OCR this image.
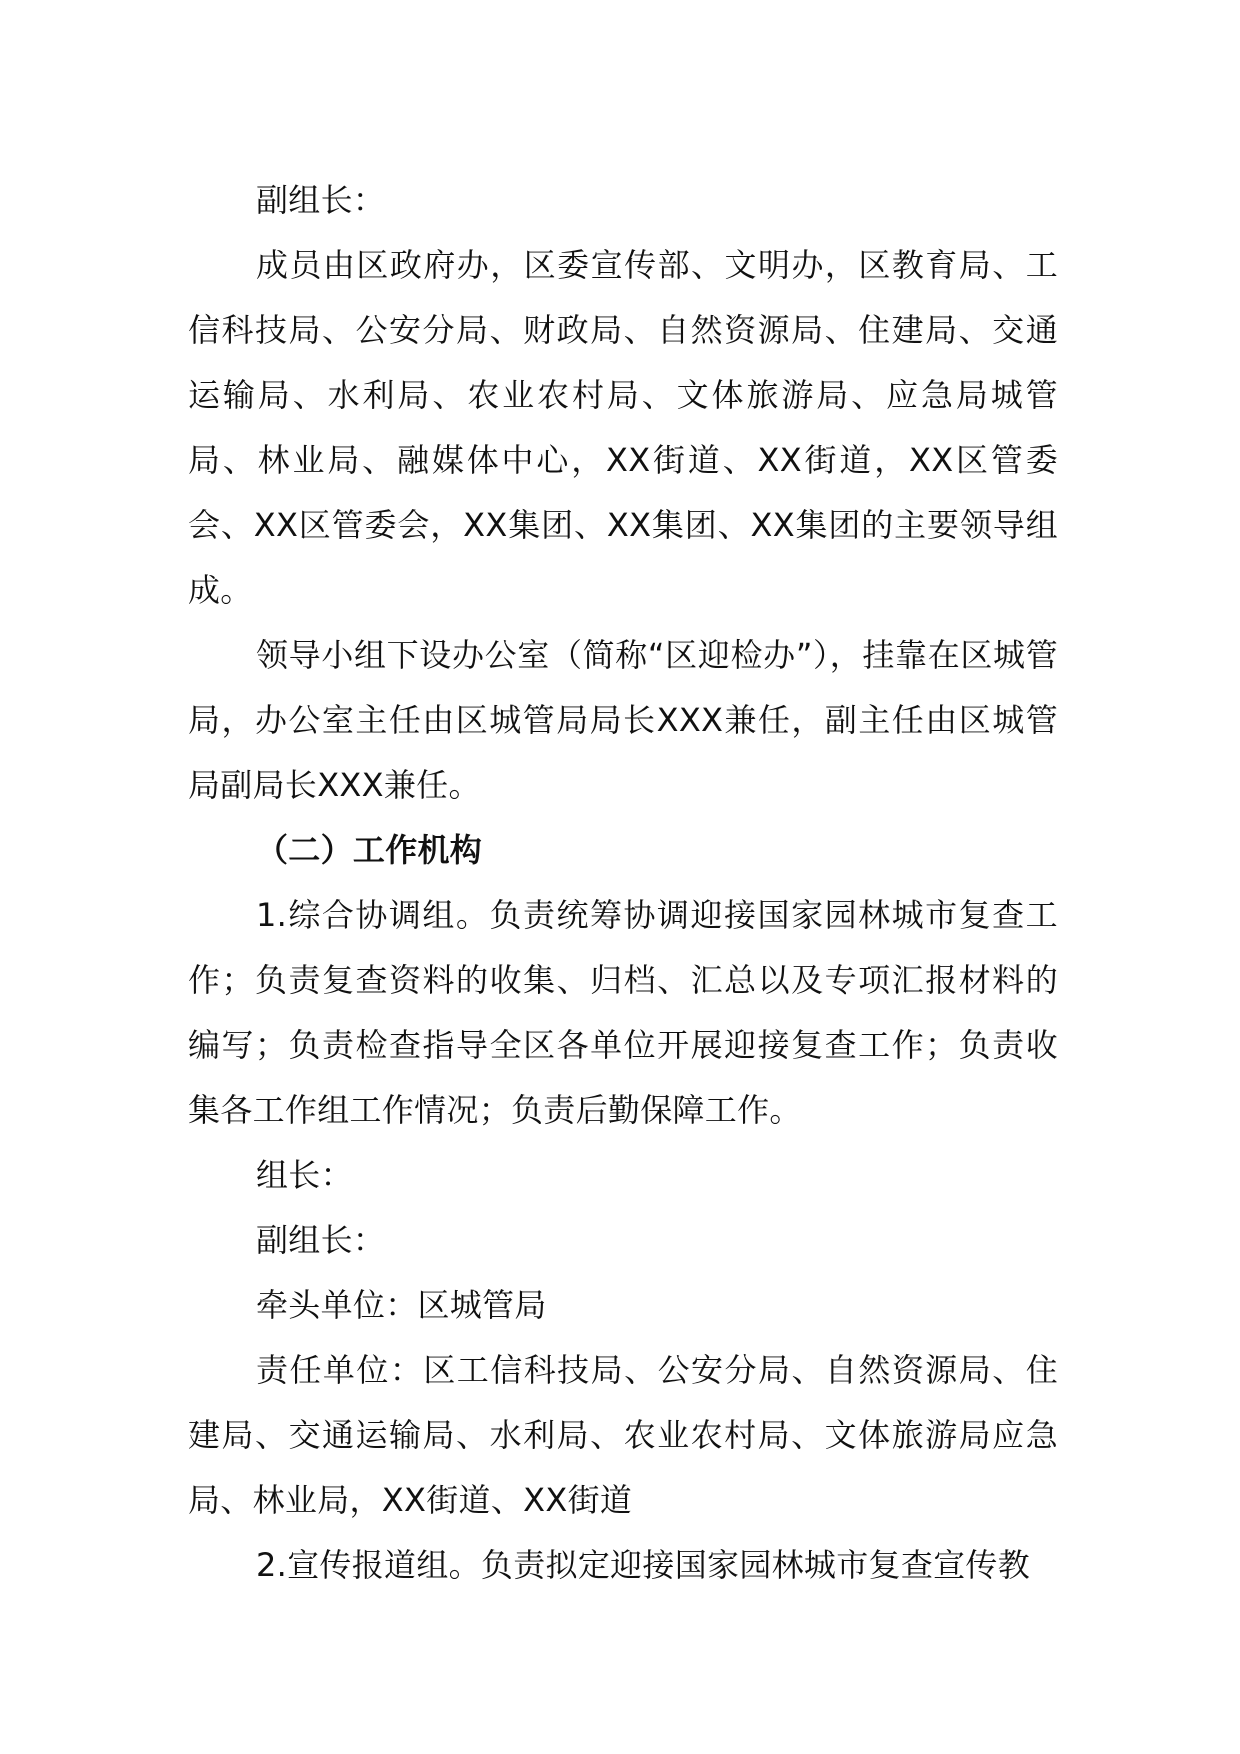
副组长：

成员由区政府办，区委宣传部、文明办，区教育局、工信科技局、公安分局、财政局、自然资源局、住建局、交通运输局、水利局、农业农村局、文体旅游局、应急局城管局、林业局、融媒体中心，XX街道、XX街道，XX区管委会、XX区管委会，XX集团、XX集团、XX集团的主要领导组成。

领导小组下设办公室（简称“区迎检办”），挂靠在区城管局，办公室主任由区城管局局长XXX兼任，副主任由区城管局副局长XXX兼任。

（二）工作机构

1.综合协调组。负责统筹协调迎接国家园林城市复查工作；负责复查资料的收集、归档、汇总以及专项汇报材料的编写；负责检查指导全区各单位开展迎接复查工作；负责收集各工作组工作情况；负责后勤保障工作。

组长：

副组长：

牵头单位：区城管局

责任单位：区工信科技局、公安分局、自然资源局、住建局、交通运输局、水利局、农业农村局、文体旅游局应急局、林业局，XX街道、XX街道

2.宣传报道组。负责拟定迎接国家园林城市复查宣传教
